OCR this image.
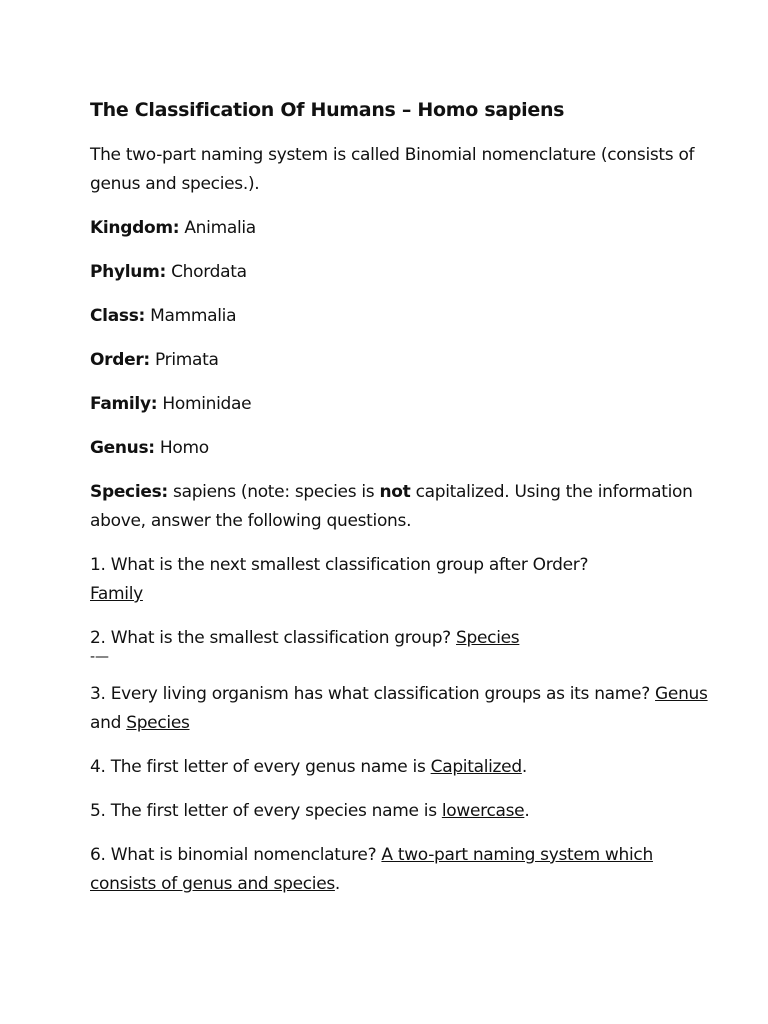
The Classification Of Humans – Homo sapiens
The two-part naming system is called Binomial nomenclature (consists of genus and species.).
Kingdom: Animalia
Phylum: Chordata
Class: Mammalia
Order: Primata
Family: Hominidae
Genus: Homo
Species: sapiens (note: species is not capitalized. Using the information above, answer the following questions.
1. What is the next smallest classification group after Order?
Family
2. What is the smallest classification group? Species
-—
3. Every living organism has what classification groups as its name? Genus and Species
4. The first letter of every genus name is Capitalized.
5. The first letter of every species name is lowercase.
6. What is binomial nomenclature? A two-part naming system which consists of genus and species.
